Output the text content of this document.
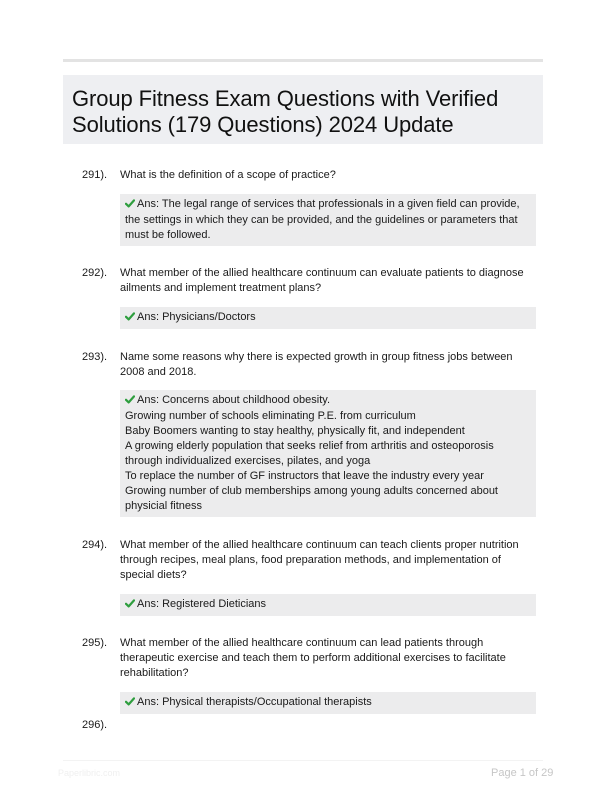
Group Fitness Exam Questions with Verified Solutions (179 Questions) 2024 Update
291). What is the definition of a scope of practice?
Ans: The legal range of services that professionals in a given field can provide, the settings in which they can be provided, and the guidelines or parameters that must be followed.
292). What member of the allied healthcare continuum can evaluate patients to diagnose ailments and implement treatment plans?
Ans: Physicians/Doctors
293). Name some reasons why there is expected growth in group fitness jobs between 2008 and 2018.
Ans: Concerns about childhood obesity.
Growing number of schools eliminating P.E. from curriculum
Baby Boomers wanting to stay healthy, physically fit, and independent
A growing elderly population that seeks relief from arthritis and osteoporosis through individualized exercises, pilates, and yoga
To replace the number of GF instructors that leave the industry every year
Growing number of club memberships among young adults concerned about physicial fitness
294). What member of the allied healthcare continuum can teach clients proper nutrition through recipes, meal plans, food preparation methods, and implementation of special diets?
Ans: Registered Dieticians
295). What member of the allied healthcare continuum can lead patients through therapeutic exercise and teach them to perform additional exercises to facilitate rehabilitation?
Ans: Physical therapists/Occupational therapists
296).
Paperlibric.com	Page 1 of 29
